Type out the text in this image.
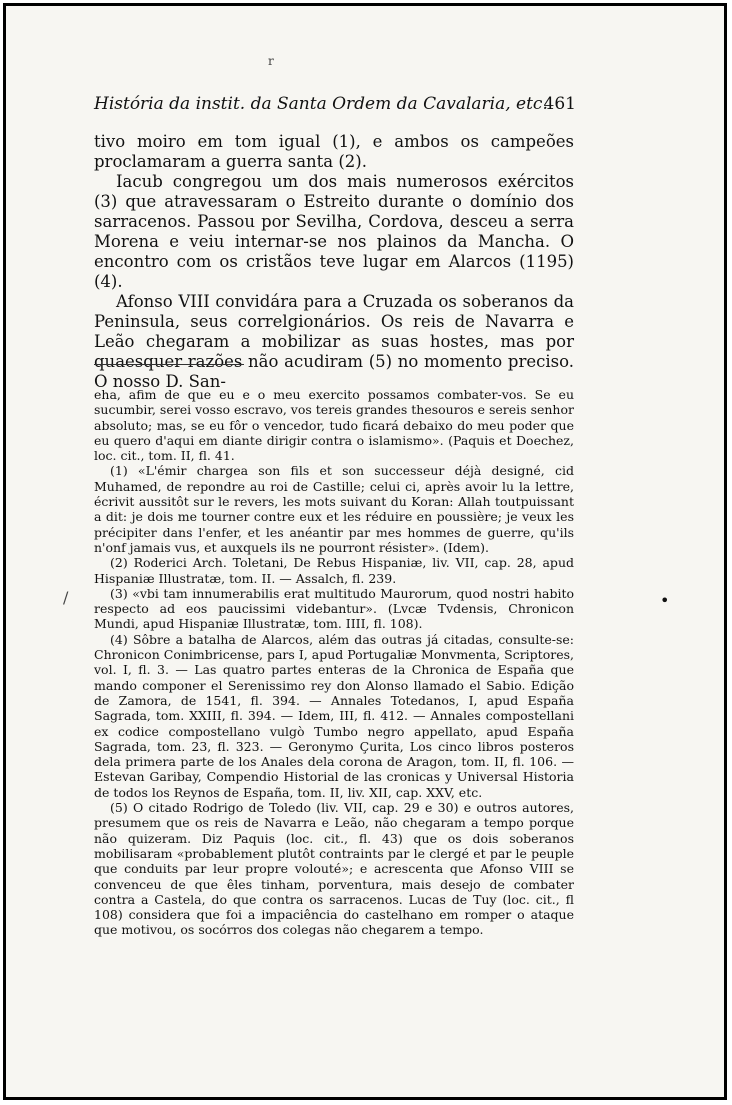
História da instit. da Santa Ordem da Cavalaria, etc.
461
r
/	•

tivo moiro em tom igual (1), e ambos os campeões proclamaram a guerra santa (2).

Iacub congregou um dos mais numerosos exércitos (3) que atravessaram o Estreito durante o domínio dos sarracenos. Passou por Sevilha, Cordova, desceu a serra Morena e veiu internar-se nos plainos da Mancha. O encontro com os cristãos teve lugar em Alarcos (1195) (4).

Afonso VIII convidára para a Cruzada os soberanos da Peninsula, seus correlgionários. Os reis de Navarra e Leão chegaram a mobilizar as suas hostes, mas por quaesquer razões não acudiram (5) no momento preciso. O nosso D. San-

eha, afim de que eu e o meu exercito possamos combater-vos. Se eu sucumbir, serei vosso escravo, vos tereis grandes thesouros e sereis senhor absoluto; mas, se eu fôr o vencedor, tudo ficará debaixo do meu poder que eu quero d'aqui em diante dirigir contra o islamismo». (Paquis et Doechez, loc. cit., tom. II, fl. 41.

(1) «L'émir chargea son fils et son successeur déjà designé, cid Muhamed, de repondre au roi de Castille; celui ci, après avoir lu la lettre, écrivit aussitôt sur le revers, les mots suivant du Koran: Allah toutpuissant a dit: je dois me tourner contre eux et les réduire en poussière; je veux les précipiter dans l'enfer, et les anéantir par mes hommes de guerre, qu'ils n'onf jamais vus, et auxquels ils ne pourront résister». (Idem).

(2) Roderici Arch. Toletani, De Rebus Hispaniæ, liv. VII, cap. 28, apud Hispaniæ Illustratæ, tom. II. — Assalch, fl. 239.

(3) «vbi tam innumerabilis erat multitudo Maurorum, quod nostri habito respecto ad eos paucissimi videbantur». (Lvcæ Tvdensis, Chronicon Mundi, apud Hispaniæ Illustratæ, tom. IIII, fl. 108).

(4) Sôbre a batalha de Alarcos, além das outras já citadas, consulte-se: Chronicon Conimbricense, pars I, apud Portugaliæ Monvmenta, Scriptores, vol. I, fl. 3. — Las quatro partes enteras de la Chronica de España que mando componer el Serenissimo rey don Alonso llamado el Sabio. Edição de Zamora, de 1541, fl. 394. — Annales Totedanos, I, apud España Sagrada, tom. XXIII, fl. 394. — Idem, III, fl. 412. — Annales compostellani ex codice compostellano vulgò Tumbo negro appellato, apud España Sagrada, tom. 23, fl. 323. — Geronymo Çurita, Los cinco libros posteros dela primera parte de los Anales dela corona de Aragon, tom. II, fl. 106. — Estevan Garibay, Compendio Historial de las cronicas y Universal Historia de todos los Reynos de España, tom. II, liv. XII, cap. XXV, etc.

(5) O citado Rodrigo de Toledo (liv. VII, cap. 29 e 30) e outros autores, presumem que os reis de Navarra e Leão, não chegaram a tempo porque não quizeram. Diz Paquis (loc. cit., fl. 43) que os dois soberanos mobilisaram «probablement plutôt contraints par le clergé et par le peuple que conduits par leur propre volouté»; e acrescenta que Afonso VIII se convenceu de que êles tinham, porventura, mais desejo de combater contra a Castela, do que contra os sarracenos. Lucas de Tuy (loc. cit., fl 108) considera que foi a impaciência do castelhano em romper o ataque que motivou, os socórros dos colegas não chegarem a tempo.
